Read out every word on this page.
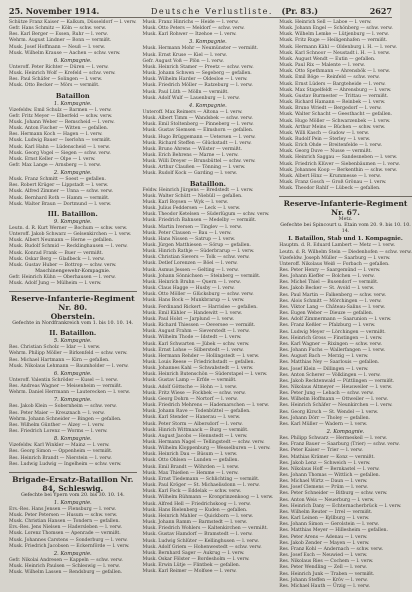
25. November 1914.	Deutsche Verlustliste. (Pr. 83.)	2627
Schütze Franz Kaiser — Kalkum, Düsseldorf — l. verw.
Gefr. Hans Schmitz — Köln — schw. verw.
Res. Karl Berger — Essen, Ruhr — l. verw.
Wehrm. August Lindner — Bonn — vermißt.
Musk. Josef Hoffmann — Neuß — l. verw.
Musk. Wilhelm Krause — Aachen — schw. verw.
6. Kompagnie.
Unteroff. Peter Richter — Düren — l. verw.
Musk. Heinrich Wolf — Krefeld — schw. verw.
Res. Paul Schäfer — Solingen — l. verw.
Musk. Otto Becker — Mörs — vermißt.
Bataillon
1. Kompagnie.
Vizefeldw. Emil Schulz — Barmen — l. verw.
Gefr. Fritz Meyer — Elberfeld — schw. verw.
Musk. Johann Weber — Remscheid — l. verw.
Musk. Anton Fischer — Witten — gefallen.
Res. Hermann Koch — Hagen — l. verw.
Musk. Ludwig Bauer — Iserlohn — vermißt.
Musk. Karl Hahn — Lüdenscheid — l. verw.
Musk. Georg Vogel — Siegen — schw. verw.
Musk. Ernst Keller — Olpe — l. verw.
Gefr. Max Lange — Arnsberg — l. verw.
2. Kompagnie.
Musk. Franz Schmitt — Soest — gefallen.
Res. Robert Krüger — Lippstadt — l. verw.
Musk. Alfred Zimmer — Unna — schw. verw.
Musk. Bernhard Roth — Hamm — vermißt.
Musk. Walter Braun — Dortmund — l. verw.
III. Bataillon.
9. Kompagnie.
Leutn. d. R. Kurt Werner — Bochum — schw. verw.
Unteroff. Jakob Schwarz — Gelsenkirchen — l. verw.
Musk. Albert Neumann — Herne — gefallen.
Musk. Rudolf Schmid — Recklinghausen — l. verw.
Musk. Konrad Frank — Buer — vermißt.
Musk. Oskar Berg — Gladbeck — l. verw.
Musk. Gustav Huber — Bottrop — schw. verw.
Maschinengewehr-Kompagnie.
Gefr. Heinrich Kühn — Oberhausen — l. verw.
Musk. Adolf Jung — Mülheim — l. verw.
Reserve-Infanterie-Regiment Nr. 80.
Oberstein.
Gefechte in Nordfrankreich vom 1. bis 10. 10. 14.
II. Bataillon.
5. Kompagnie.
Res. Christian Scholz — Idar — l. verw.
Wehrm. Philipp Möller — Birkenfeld — schw. verw.
Res. Michael Hartmann — Kirn — gefallen.
Musk. Nikolaus Lehmann — Baumholder — l. verw.
6. Kompagnie.
Unteroff. Valentin Schröder — Kusel — l. verw.
Res. Andreas Wagner — Meisenheim — vermißt.
Wehrm. Daniel Herrmann — Lauterecken — l. verw.
7. Kompagnie.
Res. Jakob Klein — Sobernheim — schw. verw.
Res. Peter Maier — Kreuznach — l. verw.
Wehrm. Johann Schneider — Bingen — gefallen.
Res. Wilhelm Günther — Alzey — l. verw.
Res. Friedrich Lorenz — Worms — l. verw.
8. Kompagnie.
Vizefeldw. Karl Winkler — Mainz — l. verw.
Res. Georg Simon — Oppenheim — vermißt.
Res. Heinrich Brandt — Nierstein — l. verw.
Res. Ludwig Ludwig — Ingelheim — schw. verw.
Brigade-Ersatz-Bataillon Nr. 84, Schleswig.
Gefechte bei Ypern vom 20. bis 30. 10. 14.
1. Kompagnie.
Ers.-Res. Hans Jensen — Flensburg — l. verw.
Musk. Peter Petersen — Husum — schw. verw.
Musk. Christian Hansen — Tondern — gefallen.
Ers.-Res. Jens Nielsen — Hadersleben — l. verw.
Musk. Lorenz Thomsen — Apenrade — vermißt.
Musk. Johannes Carstens — Sonderburg — l. verw.
Musk. Friedrich Jacobsen — Eckernförde — l. verw.
2. Kompagnie.
Gefr. Nikolai Andresen — Kappeln — schw. verw.
Musk. Heinrich Paulsen — Schleswig — l. verw.
Musk. Wilhelm Lassen — Rendsburg — gefallen.
Musk. Franz Hinrichs — Heide — l. verw.
Musk. Otto Peters — Meldorf — schw. verw.
Musk. Karl Rohwer — Itzehoe — l. verw.
3. Kompagnie.
Musk. Hermann Mohr — Neumünster — vermißt.
Musk. Ernst Kruse — Kiel — l. verw.
Gefr. August Voß — Plön — l. verw.
Musk. Heinrich Stamer — Preetz — schw. verw.
Musk. Johann Schwen — Segeberg — gefallen.
Musk. Wilhelm Harder — Oldesloe — l. verw.
Musk. Friedrich Möller — Ratzeburg — l. verw.
Musk. Paul Lüth — Mölln — vermißt.
Musk. Adolf Wulf — Lauenburg — l. verw.
4. Kompagnie.
Unteroff. Max Reimers — Altona — l. verw.
Musk. Albert Timm — Wandsbek — schw. verw.
Musk. Emil Stoltenberg — Pinneberg — l. verw.
Musk. Gustav Siemsen — Elmshorn — gefallen.
Musk. Hugo Brüggemann — Uetersen — l. verw.
Musk. Richard Steffen — Glückstadt — l. verw.
Musk. Bruno Ahrens — Wilster — vermißt.
Musk. Erich Behrens — Marne — l. verw.
Musk. Willi Dreyer — Brunsbüttel — schw. verw.
Musk. Arthur Claußen — Tönning — l. verw.
Musk. Rudolf Kock — Garding — l. verw.
Bataillon.
Feldw. Heinrich Jürgens — Bredstedt — l. verw.
Musk. Walter Schütt — Niebüll — gefallen.
Musk. Karl Boysen — Wyk — l. verw.
Musk. Julius Feddersen — Leck — l. verw.
Musk. Theodor Ketelsen — Süderlügum — schw. verw.
Musk. Friedrich Bahnsen — Medelby — vermißt.
Musk. Martin Iversen — Tinglev — l. verw.
Musk. Peter Clausen — Bau — l. verw.
Musk. Hans Nissen — Satrup — l. verw.
Musk. Jürgen Matthiesen — Sörup — gefallen.
Musk. Hinrich Rathje — Süderbrarup — l. verw.
Musk. Christian Sievers — Tolk — schw. verw.
Musk. Detlef Lorenzen — Böel — l. verw.
Musk. Asmus Jessen — Gelting — l. verw.
Musk. Johann Sönnichsen — Steinberg — vermißt.
Musk. Heinrich Bruhn — Quern — l. verw.
Musk. Claus Hagge — Husby — l. verw.
Musk. Otto Möller — Glücksburg — schw. verw.
Musk. Hans Bock — Munkbrarup — l. verw.
Musk. Ferdinand Rickert — Harrislee — gefallen.
Musk. Emil Kähler — Handewitt — l. verw.
Musk. Paul Holst — Jarplund — l. verw.
Musk. Richard Thiessen — Oeversee — vermißt.
Musk. August Frahm — Sieverstedt — l. verw.
Musk. Wilhelm Thode — Idstedt — l. verw.
Musk. Karl Schwarten — Jübek — schw. verw.
Musk. Ernst Lohse — Silberstedt — l. verw.
Musk. Hermann Rehder — Hollingstedt — l. verw.
Musk. Louis Reese — Friedrichstadt — gefallen.
Musk. Johannes Kahl — Schwabstedt — l. verw.
Musk. Heinrich Butenschön — Süderstapel — l. verw.
Musk. Gustav Lamp — Erfde — vermißt.
Musk. Adolf Göttsche — Hohn — l. verw.
Musk. Fritz Wiese — Fockbek — schw. verw.
Musk. Georg Dohrn — Nortorf — l. verw.
Musk. Friedrich Mehrens — Hademarschen — l. verw.
Musk. Johann Rave — Todenbüttel — gefallen.
Musk. Karl Stender — Hanerau — l. verw.
Musk. Peter Storm — Albersdorf — l. verw.
Musk. Hinrich Wittmaack — Burg — vermißt.
Musk. August Jacobs — Hennstedt — l. verw.
Musk. Hermann Nagel — Tellingstedt — schw. verw.
Musk. Wilhelm Kloppenburg — Wesselburen — l. verw.
Musk. Heinrich Dau — Büsum — l. verw.
Musk. Otto Ohlsen — Lunden — gefallen.
Musk. Emil Brandt — Wöhrden — l. verw.
Musk. Max Thießen — Hemme — l. verw.
Musk. Ernst Tiedemann — Schlichting — vermißt.
Musk. Paul Kröger — St. Michaelisdonn — l. verw.
Musk. Karl Fock — Eddelak — schw. verw.
Musk. Wilhelm Rühmann — Kronprinzenkoog — l. verw.
Musk. Alfred Hell — Friedrichskoog — l. verw.
Musk. Hans Bielenberg — Kuden — gefallen.
Musk. Heinrich Mahler — Quickborn — l. verw.
Musk. Johann Ramm — Barmstedt — l. verw.
Musk. Friedrich Wohlers — Kaltenkirchen — vermißt.
Musk. Gustav Hamdorf — Bramstedt — l. verw.
Musk. Ludwig Schlüter — Kellinghusen — l. verw.
Musk. Adolf Griem — Hohenwestedt — schw. verw.
Musk. Bernhard Sager — Aukrug — l. verw.
Musk. Oskar Fölster — Bordesholm — l. verw.
Musk. Erwin Lütje — Flintbek — gefallen.
Musk. Karl Reimer — Molfsee — l. verw.
Musk. Heinrich Sell — Laboe — l. verw.
Musk. Johann Engel — Schönberg — schw. verw.
Musk. Wilhelm Lemke — Lütjenburg — l. verw.
Musk. Fritz Ruge — Heiligenhafen — vermißt.
Musk. Hermann Kähl — Oldenburg i. H. — l. verw.
Musk. Karl Schnoor — Neustadt i. H. — l. verw.
Musk. August Wendt — Eutin — gefallen.
Musk. Paul Rix — Malente — l. verw.
Musk. Otto Spethmann — Ahrensbök — l. verw.
Musk. Emil Böge — Reinfeld — schw. verw.
Musk. Ernst Lüders — Bargteheide — l. verw.
Musk. Max Stapelfeldt — Ahrensburg — l. verw.
Musk. Gustav Burmester — Trittau — vermißt.
Musk. Richard Hamann — Reinbek — l. verw.
Musk. Bruno Wriedt — Bergedorf — l. verw.
Musk. Walter Schacht — Geesthacht — gefallen.
Musk. Hugo Möller — Schwarzenbek — l. verw.
Musk. Arthur Meins — Büchen — schw. verw.
Musk. Willi Kasch — Gudow — l. verw.
Musk. Rudolf Pein — Sterley — l. verw.
Musk. Erich Ohde — Breitenfelde — l. verw.
Musk. Georg Duve — Nusse — vermißt.
Musk. Heinrich Saggau — Sandesneben — l. verw.
Musk. Friedrich Klüver — Siebenbäumen — l. verw.
Musk. Johannes Koop — Berkenthin — schw. verw.
Musk. Albert Hinz — Krummesse — l. verw.
Musk. Franz Gosch — Groß Grönau — l. verw.
Musk. Theodor Rahlf — Lübeck — gefallen.
Reserve-Infanterie-Regiment Nr. 67.
Metz.
Gefechte bei Spincourt u. Etain vom 20. 9. bis 10. 10. 14.
I. Bataillon, Stab und 1. Kompagnie.
Hauptm. d. R. Eduard Lambert — Metz — l. verw.
Leutn. d. R. Wilhelm Stein — Diedenhofen — schw. verw.
Vizefeldw. Joseph Müller — Saarburg — l. verw.
Unteroff. Nikolaus Weiß — Forbach — gefallen.
Res. Peter Henry — Saargemünd — l. verw.
Res. Johann Kieffer — Bolchen — l. verw.
Res. Michel Thiel — Busendorf — vermißt.
Res. Jakob Becker — St. Avold — l. verw.
Res. Paul Martin — Falkenberg — schw. verw.
Res. Alois Schmitt — Mörchingen — l. verw.
Res. Viktor Lang — Château-Salins — l. verw.
Res. Eugen Weber — Dieuze — gefallen.
Res. Adolf Zimmermann — Saarunion — l. verw.
Res. Franz Keßler — Pfalzburg — l. verw.
Res. Ludwig Meyer — Lörchingen — vermißt.
Res. Heinrich Gross — Finstingen — l. verw.
Res. Karl Wagner — Rixingen — schw. verw.
Res. Johann Fuchs — Wallerfangen — l. verw.
Res. August Bach — Merzig — l. verw.
Res. Matthias Ney — Saarlouis — gefallen.
Res. Josef Klein — Dillingen — l. verw.
Res. Anton Scherer — Völklingen — l. verw.
Res. Jakob Recktenwald — Püttlingen — vermißt.
Res. Nikolaus Altmeyer — Heusweiler — l. verw.
Res. Peter Jung — Lebach — schw. verw.
Res. Wilhelm Hoffmann — Ottweiler — l. verw.
Res. Heinrich Schäfer — Neunkirchen — l. verw.
Res. Georg Kirsch — St. Wendel — l. verw.
Res. Johann Dörr — Tholey — gefallen.
Res. Karl Müller — Wadern — l. verw.
2. Kompagnie.
Res. Philipp Schwarz — Hermeskeil — l. verw.
Res. Franz Bauer — Saarburg (Trier) — schw. verw.
Res. Peter Kaiser — Trier — l. verw.
Res. Mathias Krämer — Konz — vermißt.
Res. Jakob Lenz — Schweich — l. verw.
Res. Nikolaus Hoff — Bernkastel — l. verw.
Res. Johann Thomas — Wittlich — gefallen.
Res. Michael Wirtz — Daun — l. verw.
Res. Josef Clemens — Prüm — l. verw.
Res. Peter Schneider — Bitburg — schw. verw.
Res. Anton Weis — Neuerburg — l. verw.
Res. Heinrich Dany — Echternacherbrück — l. verw.
Res. Wilhelm Reuter — Irrel — vermißt.
Res. Karl Leinen — Kyllburg — l. verw.
Res. Johann Simon — Gerolstein — l. verw.
Res. Matthias Meyer — Hillesheim — gefallen.
Res. Peter Arens — Adenau — l. verw.
Res. Jakob Zender — Mayen — l. verw.
Res. Franz Kohl — Andernach — schw. verw.
Res. Josef Esch — Neuwied — l. verw.
Res. Nikolaus Ries — Cochem — l. verw.
Res. Peter Wendling — Zell — l. verw.
Res. Heinrich Junk — Traben — vermißt.
Res. Johann Steffen — Kröv — l. verw.
Res. Michael Hauth — Ürzig — l. verw.
